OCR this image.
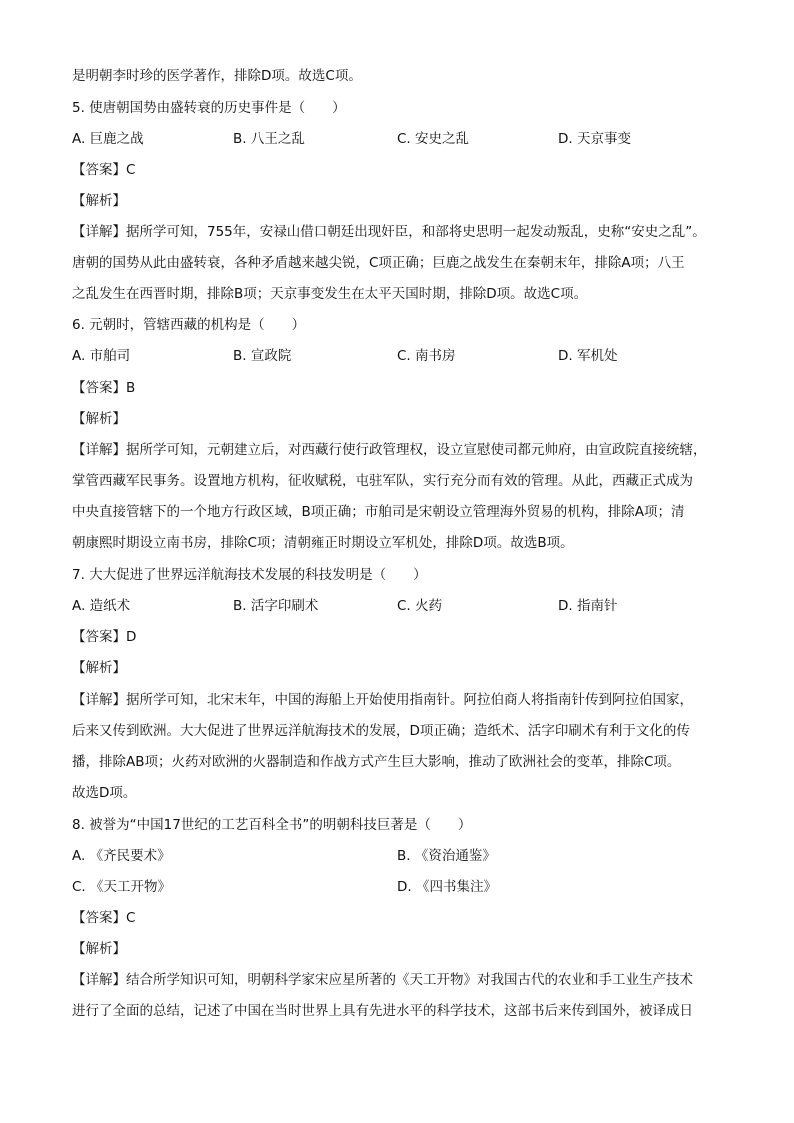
是明朝李时珍的医学著作，排除D项。故选C项。
5. 使唐朝国势由盛转衰的历史事件是（　　）
A. 巨鹿之战	B. 八王之乱	C. 安史之乱	D. 天京事变
【答案】C
【解析】
【详解】据所学可知，755年，安禄山借口朝廷出现奸臣，和部将史思明一起发动叛乱，史称“安史之乱”。
唐朝的国势从此由盛转衰，各种矛盾越来越尖锐，C项正确；巨鹿之战发生在秦朝末年，排除A项；八王
之乱发生在西晋时期，排除B项；天京事变发生在太平天国时期，排除D项。故选C项。
6. 元朝时，管辖西藏的机构是（　　）
A. 市舶司	B. 宣政院	C. 南书房	D. 军机处
【答案】B
【解析】
【详解】据所学可知，元朝建立后，对西藏行使行政管理权，设立宣慰使司都元帅府，由宣政院直接统辖，
掌管西藏军民事务。设置地方机构，征收赋税，屯驻军队，实行充分而有效的管理。从此，西藏正式成为
中央直接管辖下的一个地方行政区域，B项正确；市舶司是宋朝设立管理海外贸易的机构，排除A项；清
朝康熙时期设立南书房，排除C项；清朝雍正时期设立军机处，排除D项。故选B项。
7. 大大促进了世界远洋航海技术发展的科技发明是（　　）
A. 造纸术	B. 活字印刷术	C. 火药	D. 指南针
【答案】D
【解析】
【详解】据所学可知，北宋末年，中国的海船上开始使用指南针。阿拉伯商人将指南针传到阿拉伯国家，
后来又传到欧洲。大大促进了世界远洋航海技术的发展，D项正确；造纸术、活字印刷术有利于文化的传
播，排除AB项；火药对欧洲的火器制造和作战方式产生巨大影响，推动了欧洲社会的变革，排除C项。
故选D项。
8. 被誉为“中国17世纪的工艺百科全书”的明朝科技巨著是（　　）
A. 《齐民要术》	B. 《资治通鉴》
C. 《天工开物》	D. 《四书集注》
【答案】C
【解析】
【详解】结合所学知识可知，明朝科学家宋应星所著的《天工开物》对我国古代的农业和手工业生产技术
进行了全面的总结，记述了中国在当时世界上具有先进水平的科学技术，这部书后来传到国外，被译成日
